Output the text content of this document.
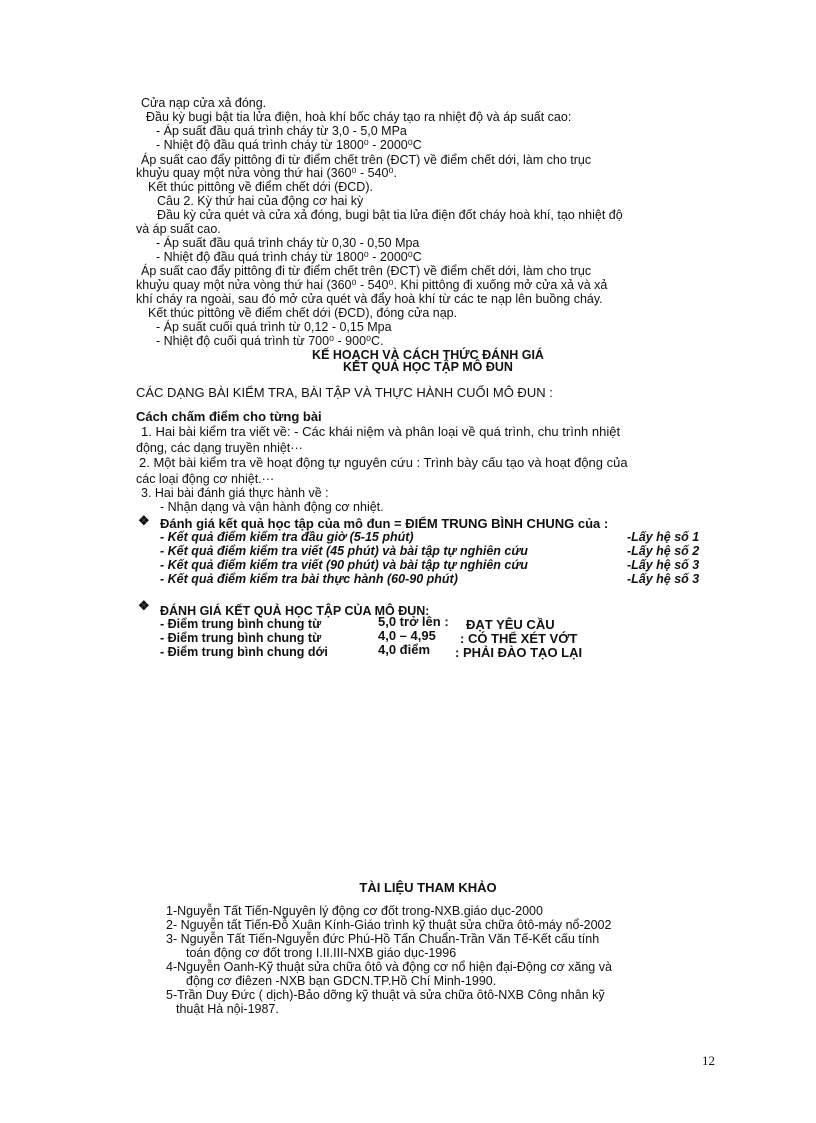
Cửa nạp cửa xả đóng.
Đầu kỳ bugi bật tia lửa điện, hoà khí bốc cháy tạo ra nhiệt độ và áp suất cao:
- Áp suất đầu quá trình cháy từ 3,0 - 5,0 MPa
- Nhiệt độ đầu quá trình cháy từ 1800⁰ - 2000⁰C
Áp suất cao đẩy pittông đi từ điểm chết trên (ĐCT) về điểm chết dới, làm cho trục
khuỷu quay một nửa vòng thứ hai (360⁰ - 540⁰.
Kết thúc pittông về điểm chết dới (ĐCD).
Câu 2. Kỳ thứ hai của động cơ hai kỳ
Đầu kỳ cửa quét và cửa xả đóng, bugi bật tia lửa điện đốt cháy hoà khí, tạo nhiệt độ
và áp suất cao.
- Áp suất đầu quá trình cháy từ 0,30 - 0,50 Mpa
- Nhiệt độ đầu quá trình cháy từ 1800⁰ - 2000⁰C
Áp suất cao đẩy pittông đi từ điểm chết trên (ĐCT) về điểm chết dới, làm cho trục
khuỷu quay một nửa vòng thứ hai (360⁰ - 540⁰. Khi pittông đi xuống mở cửa xả và xả
khí cháy ra ngoài, sau đó mở cửa quét và đẩy hoà khí từ các te nạp lên buồng cháy.
Kết thúc pittông về điểm chết dới (ĐCD), đóng cửa nạp.
- Áp suất cuối quá trình từ 0,12 - 0,15 Mpa
- Nhiệt độ cuối quá trình từ 700⁰ - 900⁰C.
KẾ HOẠCH VÀ CÁCH THỨC ĐÁNH GIÁ
KẾT QUẢ HỌC TẬP MÔ ĐUN
CÁC DẠNG BÀI KIỂM TRA, BÀI TẬP VÀ THỰC HÀNH CUỐI MÔ ĐUN :
Cách chấm điểm cho từng bài
1. Hai bài kiểm tra viết về: - Các khái niệm và phân loại về quá trình, chu trình nhiệt
động, các dạng truyền nhiệt···
2. Một bài kiểm tra về hoạt động tự nguyên cứu : Trình bày cấu tạo và hoạt động của
các loại động cơ nhiệt.···
3. Hai bài đánh giá thực hành về :
- Nhận dạng và vận hành động cơ nhiệt.
❖ Đánh giá kết quả học tập của mô đun = ĐIỂM TRUNG BÌNH CHUNG của :
- Kết quả điểm kiểm tra đầu giờ (5-15 phút)	-Lấy hệ số 1
- Kết quả điểm kiểm tra viết (45 phút) và bài tập tự nghiên cứu	-Lấy hệ số 2
- Kết quả điểm kiểm tra viết (90 phút) và bài tập tự nghiên cứu	-Lấy hệ số 3
- Kết quả điểm kiểm tra bài thực hành (60-90 phút)	-Lấy hệ số 3
❖ ĐÁNH GIÁ KẾT QUẢ HỌC TẬP CỦA MÔ ĐUN:
- Điểm trung bình chung từ	5,0 trở lên : ĐẠT YÊU CẦU
- Điểm trung bình chung từ	4,0 – 4,95 : CÓ THỂ XÉT VỚT
- Điểm trung bình chung dới	4,0 điểm : PHẢI ĐÀO TẠO LẠI
TÀI LIỆU THAM KHẢO
1-Nguyễn Tất Tiến-Nguyên lý động cơ đốt trong-NXB.giáo dục-2000
2- Nguyễn tất Tiến-Đỗ Xuân Kính-Giáo trình kỹ thuật sửa chữa ôtô-máy nổ-2002
3- Nguyễn Tất Tiến-Nguyễn đức Phú-Hồ Tấn Chuẩn-Trần Văn Tế-Kết cấu tính
toán động cơ đốt trong I.II.III-NXB giáo dục-1996
4-Nguyễn Oanh-Kỹ thuật sửa chữa ôtô và động cơ nổ hiện đại-Động cơ xăng và
động cơ điêzen -NXB bạn GDCN.TP.Hồ Chí Minh-1990.
5-Trần Duy Đức ( dịch)-Bảo dỡng kỹ thuật và sửa chữa ôtô-NXB Công nhân kỹ
thuật Hà nội-1987.
12
